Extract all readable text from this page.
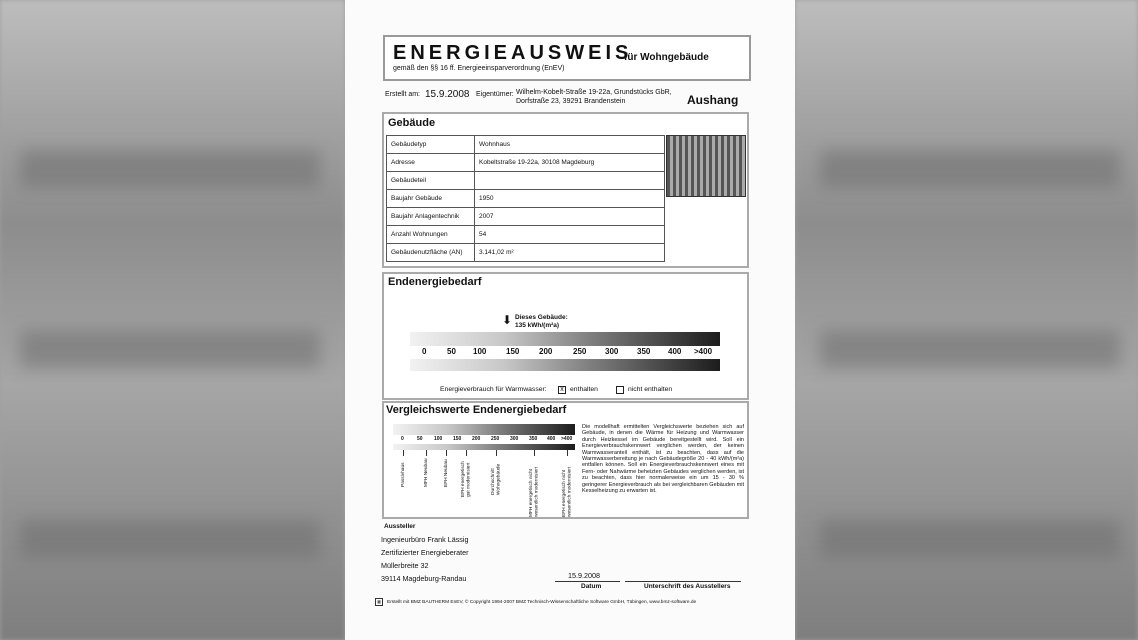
ENERGIEAUSWEIS
für Wohngebäude
gemäß den §§ 16 ff. Energieeinsparverordnung (EnEV)
Erstellt am: 15.9.2008 Eigentümer: Wilhelm-Kobelt-Straße 19-22a, Grundstücks GbR,
Dorfstraße 23, 39291 Brandenstein	Aushang
Gebäude
Gebäudetyp	Wohnhaus
Adresse	Kobeltstraße 19-22a, 30108 Magdeburg
Gebäudeteil	
Baujahr Gebäude	1950
Baujahr Anlagentechnik	2007
Anzahl Wohnungen	54
Gebäudenutzfläche (AN)	3.141,02 m²
Endenergiebedarf
⬇ Dieses Gebäude:
135 kWh/(m²a)
0	50 100 150 200	250 300 350 400 >400
Energieverbrauch für Warmwasser:	x enthalten	nicht enthalten
Vergleichswerte Endenergiebedarf
0	50 100 150 200 250 300 350 400 >400
Passivhaus	MFH Neubau	EFH Neubau	EFH energetisch gut modernisiert	Durchschnitt Wohngebäude	MFH energetisch nicht wesentlich modernisiert	EFH energetisch nicht wesentlich modernisiert
Die modellhaft ermittelten Vergleichswerte beziehen sich auf Gebäude, in denen die Wärme für Heizung und Warmwasser durch Heizkessel im Gebäude bereitgestellt wird. Soll ein Energieverbrauchskennwert verglichen werden, der keinen Warmwasseranteil enthält, ist zu beachten, dass auf die Warmwasserbereitung je nach Gebäudegröße 20 - 40 kWh/(m²a) entfallen können. Soll ein Energieverbrauchskennwert eines mit Fern- oder Nahwärme beheizten Gebäudes verglichen werden, ist zu beachten, dass hier normalerweise ein um 15 - 30 % geringerer Energieverbrauch als bei vergleichbaren Gebäuden mit Kesselheizung zu erwarten ist.
Aussteller
Ingenieurbüro Frank Lässig
Zertifizierter Energieberater
Müllerbreite 32
39114 Magdeburg-Randau	15.9.2008
Datum	Unterschrift des Ausstellers
▦	Erstellt mit BMZ BAUTHERM EnEV, © Copyright 1994-2007 BMZ Technisch-Wissenschaftliche Software GmbH, Tübingen, www.bmz-software.de
